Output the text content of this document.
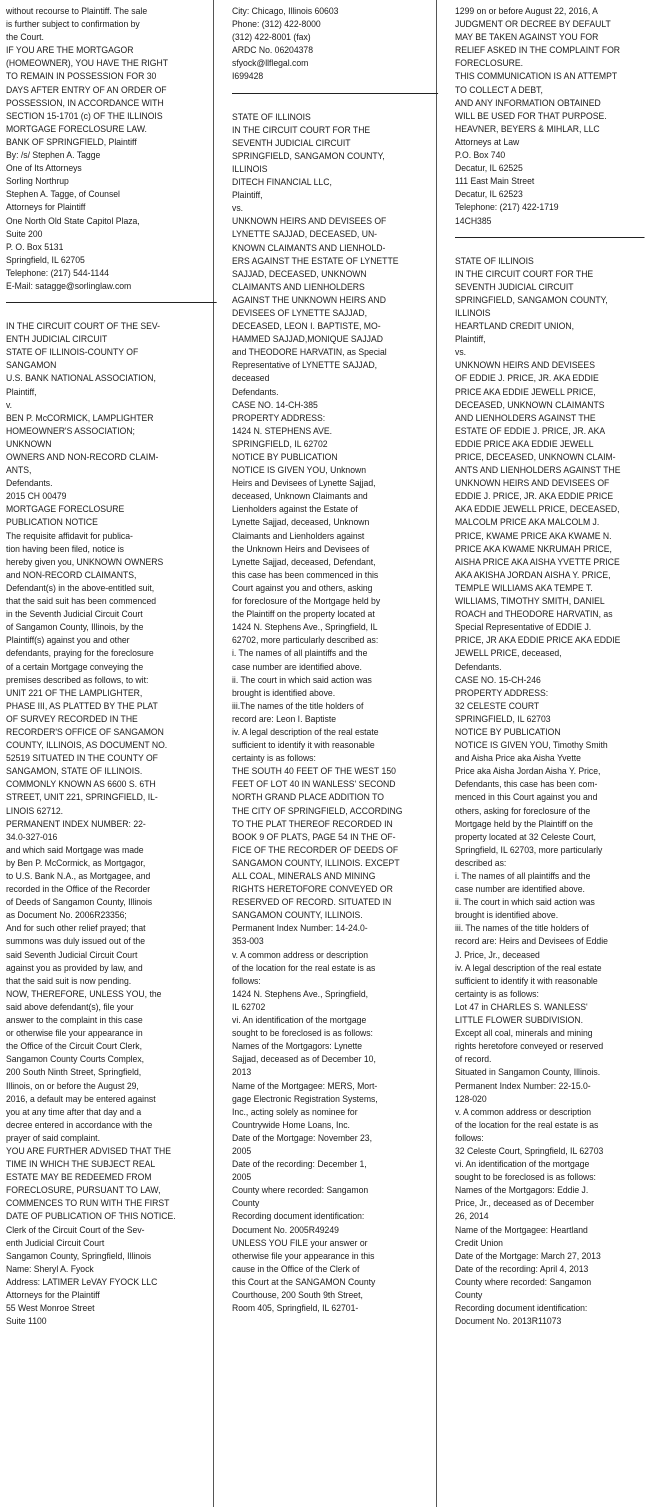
without recourse to Plaintiff. The sale
is further subject to confirmation by
the Court.
IF YOU ARE THE MORTGAGOR
(HOMEOWNER), YOU HAVE THE RIGHT
TO REMAIN IN POSSESSION FOR 30
DAYS AFTER ENTRY OF AN ORDER OF
POSSESSION, IN ACCORDANCE WITH
SECTION 15-1701 (c) OF THE ILLINOIS
MORTGAGE FORECLOSURE LAW.
BANK OF SPRINGFIELD, Plaintiff
By: /s/ Stephen A. Tagge
One of Its Attorneys
Sorling Northrup
Stephen A. Tagge, of Counsel
Attorneys for Plaintiff
One North Old State Capitol Plaza,
Suite 200
P. O. Box 5131
Springfield, IL 62705
Telephone: (217) 544-1144
E-Mail: satagge@sorlinglaw.com
IN THE CIRCUIT COURT OF THE SEV-
ENTH JUDICIAL CIRCUIT
STATE OF ILLINOIS-COUNTY OF
SANGAMON
U.S. BANK NATIONAL ASSOCIATION,
Plaintiff,
v.
BEN P. McCORMICK, LAMPLIGHTER
HOMEOWNER'S ASSOCIATION;
UNKNOWN
OWNERS AND NON-RECORD CLAIM-
ANTS,
Defendants.
2015 CH 00479
MORTGAGE FORECLOSURE
PUBLICATION NOTICE
The requisite affidavit for publica-
tion having been filed, notice is
hereby given you, UNKNOWN OWNERS
and NON-RECORD CLAIMANTS,
Defendant(s) in the above-entitled suit,
that the said suit has been commenced
in the Seventh Judicial Circuit Court
of Sangamon County, Illinois, by the
Plaintiff(s) against you and other
defendants, praying for the foreclosure
of a certain Mortgage conveying the
premises described as follows, to wit:
UNIT 221 OF THE LAMPLIGHTER,
PHASE III, AS PLATTED BY THE PLAT
OF SURVEY RECORDED IN THE
RECORDER'S OFFICE OF SANGAMON
COUNTY, ILLINOIS, AS DOCUMENT NO.
52519 SITUATED IN THE COUNTY OF
SANGAMON, STATE OF ILLINOIS.
COMMONLY KNOWN AS 6600 S. 6TH
STREET, UNIT 221, SPRINGFIELD, IL-
LINOIS 62712.
PERMANENT INDEX NUMBER: 22-
34.0-327-016
and which said Mortgage was made
by Ben P. McCormick, as Mortgagor,
to U.S. Bank N.A., as Mortgagee, and
recorded in the Office of the Recorder
of Deeds of Sangamon County, Illinois
as Document No. 2006R23356;
And for such other relief prayed; that
summons was duly issued out of the
said Seventh Judicial Circuit Court
against you as provided by law, and
that the said suit is now pending.
NOW, THEREFORE, UNLESS YOU, the
said above defendant(s), file your
answer to the complaint in this case
or otherwise file your appearance in
the Office of the Circuit Court Clerk,
Sangamon County Courts Complex,
200 South Ninth Street, Springfield,
Illinois, on or before the August 29,
2016, a default may be entered against
you at any time after that day and a
decree entered in accordance with the
prayer of said complaint.
YOU ARE FURTHER ADVISED THAT THE
TIME IN WHICH THE SUBJECT REAL
ESTATE MAY BE REDEEMED FROM
FORECLOSURE, PURSUANT TO LAW,
COMMENCES TO RUN WITH THE FIRST
DATE OF PUBLICATION OF THIS NOTICE.
Clerk of the Circuit Court of the Sev-
enth Judicial Circuit Court
Sangamon County, Springfield, Illinois
Name: Sheryl A. Fyock
Address: LATIMER LeVAY FYOCK LLC
Attorneys for the Plaintiff
55 West Monroe Street
Suite 1100
City: Chicago, Illinois 60603
Phone: (312) 422-8000
(312) 422-8001 (fax)
ARDC No. 06204378
sfyock@llflegal.com
I699428
STATE OF ILLINOIS
IN THE CIRCUIT COURT FOR THE
SEVENTH JUDICIAL CIRCUIT
SPRINGFIELD, SANGAMON COUNTY,
ILLINOIS
DITECH FINANCIAL LLC,
Plaintiff,
vs.
UNKNOWN HEIRS AND DEVISEES OF
LYNETTE SAJJAD, DECEASED, UN-
KNOWN CLAIMANTS AND LIENHOLD-
ERS AGAINST THE ESTATE OF LYNETTE
SAJJAD, DECEASED, UNKNOWN
CLAIMANTS AND LIENHOLDERS
AGAINST THE UNKNOWN HEIRS AND
DEVISEES OF LYNETTE SAJJAD,
DECEASED, LEON I. BAPTISTE, MO-
HAMMED SAJJAD,MONIQUE SAJJAD
and THEODORE HARVATIN, as Special
Representative of LYNETTE SAJJAD,
deceased
Defendants.
CASE NO. 14-CH-385
PROPERTY ADDRESS:
1424 N. STEPHENS AVE.
SPRINGFIELD, IL 62702
NOTICE BY PUBLICATION
NOTICE IS GIVEN YOU, Unknown
Heirs and Devisees of Lynette Sajjad,
deceased, Unknown Claimants and
Lienholders against the Estate of
Lynette Sajjad, deceased, Unknown
Claimants and Lienholders against
the Unknown Heirs and Devisees of
Lynette Sajjad, deceased, Defendant,
this case has been commenced in this
Court against you and others, asking
for foreclosure of the Mortgage held by
the Plaintiff on the property located at
1424 N. Stephens Ave., Springfield, IL
62702, more particularly described as:
i. The names of all plaintiffs and the
case number are identified above.
ii. The court in which said action was
brought is identified above.
iii.The names of the title holders of
record are: Leon I. Baptiste
iv. A legal description of the real estate
sufficient to identify it with reasonable
certainty is as follows:
THE SOUTH 40 FEET OF THE WEST 150
FEET OF LOT 40 IN WANLESS' SECOND
NORTH GRAND PLACE ADDITION TO
THE CITY OF SPRINGFIELD, ACCORDING
TO THE PLAT THEREOF RECORDED IN
BOOK 9 OF PLATS, PAGE 54 IN THE OF-
FICE OF THE RECORDER OF DEEDS OF
SANGAMON COUNTY, ILLINOIS. EXCEPT
ALL COAL, MINERALS AND MINING
RIGHTS HERETOFORE CONVEYED OR
RESERVED OF RECORD. SITUATED IN
SANGAMON COUNTY, ILLINOIS.
Permanent Index Number: 14-24.0-
353-003
v. A common address or description
of the location for the real estate is as
follows:
1424 N. Stephens Ave., Springfield,
IL 62702
vi. An identification of the mortgage
sought to be foreclosed is as follows:
Names of the Mortgagors: Lynette
Sajjad, deceased as of December 10,
2013
Name of the Mortgagee: MERS, Mort-
gage Electronic Registration Systems,
Inc., acting solely as nominee for
Countrywide Home Loans, Inc.
Date of the Mortgage: November 23,
2005
Date of the recording: December 1,
2005
County where recorded: Sangamon
County
Recording document identification:
Document No. 2005R49249
UNLESS YOU FILE your answer or
otherwise file your appearance in this
cause in the Office of the Clerk of
this Court at the SANGAMON County
Courthouse, 200 South 9th Street,
Room 405, Springfield, IL 62701-
1299 on or before August 22, 2016, A
JUDGMENT OR DECREE BY DEFAULT
MAY BE TAKEN AGAINST YOU FOR
RELIEF ASKED IN THE COMPLAINT FOR
FORECLOSURE.
THIS COMMUNICATION IS AN ATTEMPT
TO COLLECT A DEBT,
AND ANY INFORMATION OBTAINED
WILL BE USED FOR THAT PURPOSE.
HEAVNER, BEYERS & MIHLAR, LLC
Attorneys at Law
P.O. Box 740
Decatur, IL 62525
111 East Main Street
Decatur, IL 62523
Telephone: (217) 422-1719
14CH385
STATE OF ILLINOIS
IN THE CIRCUIT COURT FOR THE
SEVENTH JUDICIAL CIRCUIT
SPRINGFIELD, SANGAMON COUNTY,
ILLINOIS
HEARTLAND CREDIT UNION,
Plaintiff,
vs.
UNKNOWN HEIRS AND DEVISEES
OF EDDIE J. PRICE, JR. AKA EDDIE
PRICE AKA EDDIE JEWELL PRICE,
DECEASED, UNKNOWN CLAIMANTS
AND LIENHOLDERS AGAINST THE
ESTATE OF EDDIE J. PRICE, JR. AKA
EDDIE PRICE AKA EDDIE JEWELL
PRICE, DECEASED, UNKNOWN CLAIM-
ANTS AND LIENHOLDERS AGAINST THE
UNKNOWN HEIRS AND DEVISEES OF
EDDIE J. PRICE, JR. AKA EDDIE PRICE
AKA EDDIE JEWELL PRICE, DECEASED,
MALCOLM PRICE AKA MALCOLM J.
PRICE, KWAME PRICE AKA KWAME N.
PRICE AKA KWAME NKRUMAH PRICE,
AISHA PRICE AKA AISHA YVETTE PRICE
AKA AKISHA JORDAN AISHA Y. PRICE,
TEMPLE WILLIAMS AKA TEMPE T.
WILLIAMS, TIMOTHY SMITH, DANIEL
ROACH and THEODORE HARVATIN, as
Special Representative of EDDIE J.
PRICE, JR AKA EDDIE PRICE AKA EDDIE
JEWELL PRICE, deceased,
Defendants.
CASE NO. 15-CH-246
PROPERTY ADDRESS:
32 CELESTE COURT
SPRINGFIELD, IL 62703
NOTICE BY PUBLICATION
NOTICE IS GIVEN YOU, Timothy Smith
and Aisha Price aka Aisha Yvette
Price aka Aisha Jordan Aisha Y. Price,
Defendants, this case has been com-
menced in this Court against you and
others, asking for foreclosure of the
Mortgage held by the Plaintiff on the
property located at 32 Celeste Court,
Springfield, IL 62703, more particularly
described as:
i. The names of all plaintiffs and the
case number are identified above.
ii. The court in which said action was
brought is identified above.
iii. The names of the title holders of
record are: Heirs and Devisees of Eddie
J. Price, Jr., deceased
iv. A legal description of the real estate
sufficient to identify it with reasonable
certainty is as follows:
Lot 47 in CHARLES S. WANLESS'
LITTLE FLOWER SUBDIVISION.
Except all coal, minerals and mining
rights heretofore conveyed or reserved
of record.
Situated in Sangamon County, Illinois.
Permanent Index Number: 22-15.0-
128-020
v. A common address or description
of the location for the real estate is as
follows:
32 Celeste Court, Springfield, IL 62703
vi. An identification of the mortgage
sought to be foreclosed is as follows:
Names of the Mortgagors: Eddie J.
Price, Jr., deceased as of December
26, 2014
Name of the Mortgagee: Heartland
Credit Union
Date of the Mortgage: March 27, 2013
Date of the recording: April 4, 2013
County where recorded: Sangamon
County
Recording document identification:
Document No. 2013R11073
